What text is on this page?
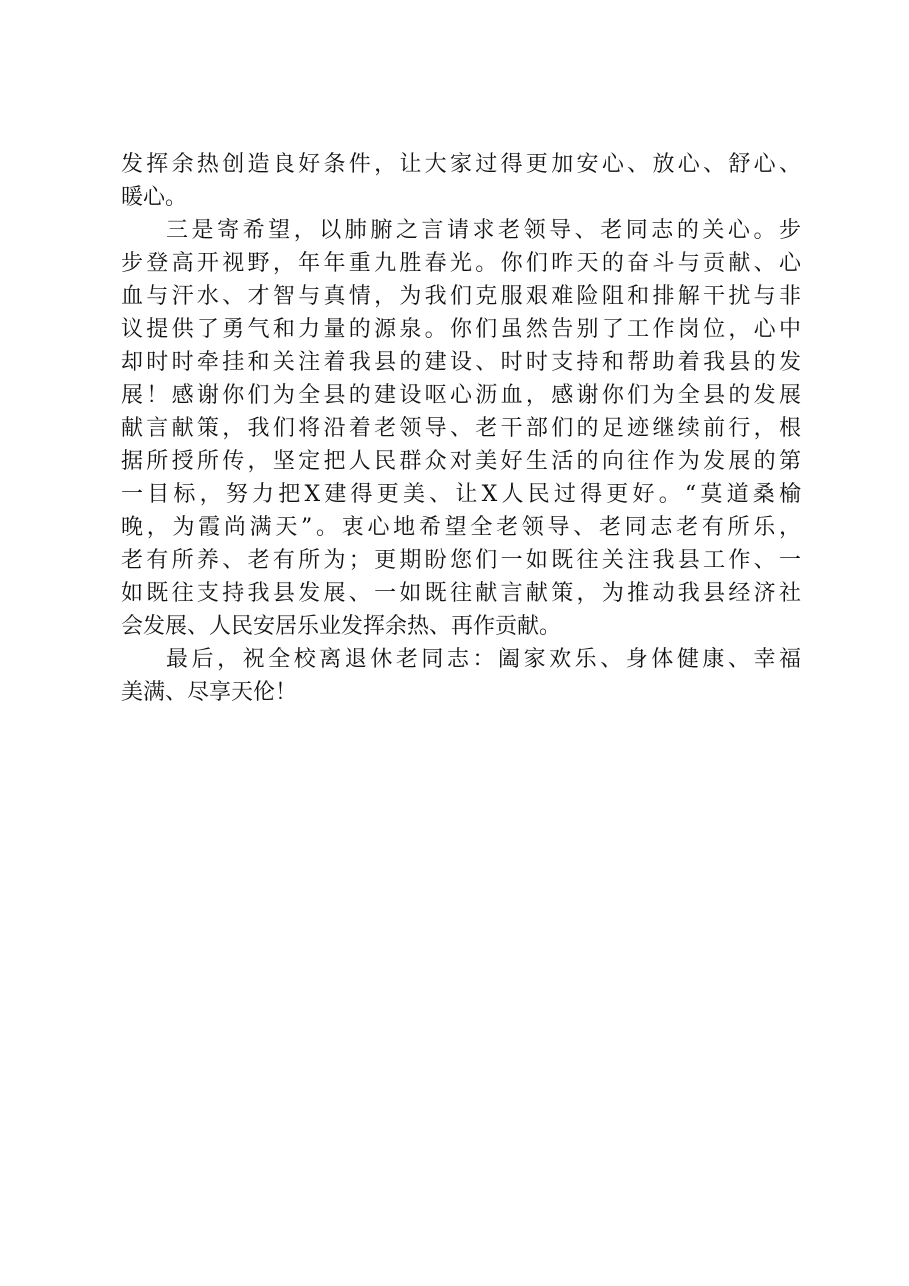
发挥余热创造良好条件，让大家过得更加安心、放心、舒心、
暖心。
三是寄希望，以肺腑之言请求老领导、老同志的关心。步
步登高开视野，年年重九胜春光。你们昨天的奋斗与贡献、心
血与汗水、才智与真情，为我们克服艰难险阻和排解干扰与非
议提供了勇气和力量的源泉。你们虽然告别了工作岗位，心中
却时时牵挂和关注着我县的建设、时时支持和帮助着我县的发
展！感谢你们为全县的建设呕心沥血，感谢你们为全县的发展
献言献策，我们将沿着老领导、老干部们的足迹继续前行，根
据所授所传，坚定把人民群众对美好生活的向往作为发展的第
一目标，努力把X建得更美、让X人民过得更好。“莫道桑榆
晚，为霞尚满天”。衷心地希望全老领导、老同志老有所乐，
老有所养、老有所为；更期盼您们一如既往关注我县工作、一
如既往支持我县发展、一如既往献言献策，为推动我县经济社
会发展、人民安居乐业发挥余热、再作贡献。
最后，祝全校离退休老同志：阖家欢乐、身体健康、幸福
美满、尽享天伦！
